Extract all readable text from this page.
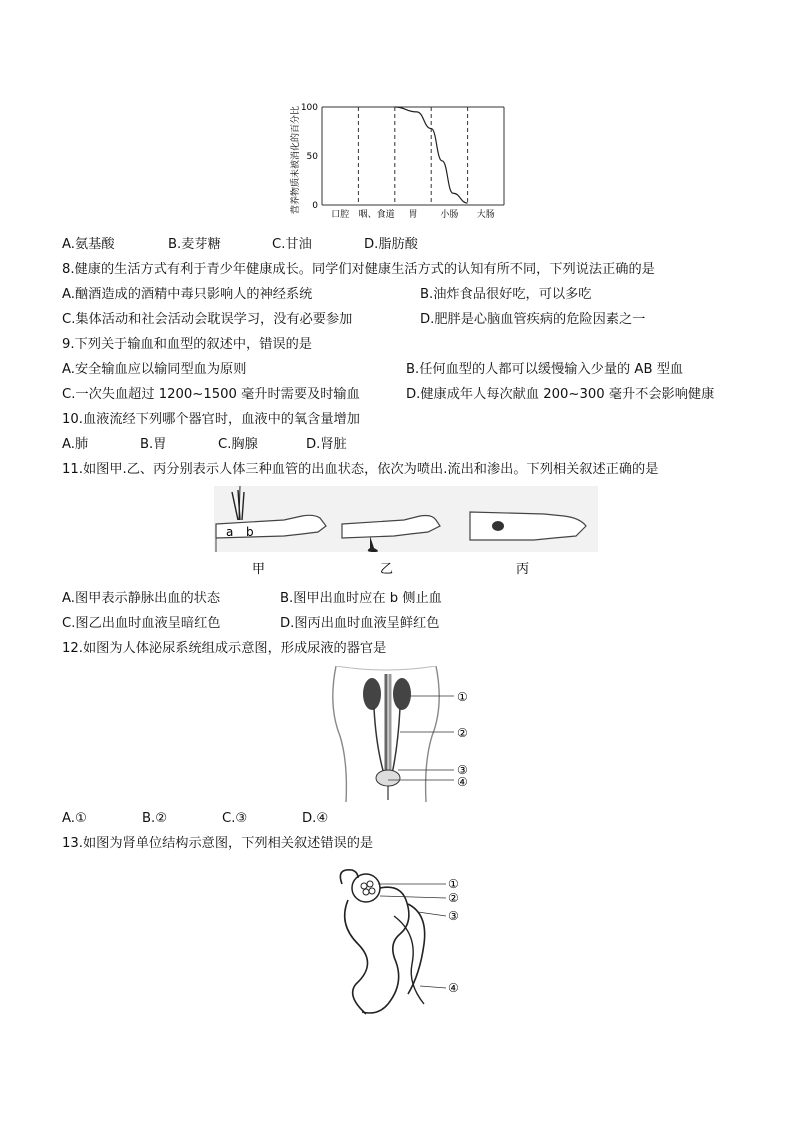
0
50
100
口腔 咽、食道 胃	小肠 大肠
营养物质未被消化的百分比
A.氨基酸	B.麦芽糖	C.甘油	D.脂肪酸
8.健康的生活方式有利于青少年健康成长。同学们对健康生活方式的认知有所不同，下列说法正确的是
A.酗酒造成的酒精中毒只影响人的神经系统	B.油炸食品很好吃，可以多吃
C.集体活动和社会活动会耽误学习，没有必要参加	D.肥胖是心脑血管疾病的危险因素之一
9.下列关于输血和血型的叙述中，错误的是
A.安全输血应以输同型血为原则	B.任何血型的人都可以缓慢输入少量的 AB 型血
C.一次失血超过 1200~1500 毫升时需要及时输血	D.健康成年人每次献血 200~300 毫升不会影响健康
10.血液流经下列哪个器官时，血液中的氧含量增加
A.肺	B.胃	C.胸腺	D.肾脏
11.如图甲.乙、丙分别表示人体三种血管的出血状态，依次为喷出.流出和渗出。下列相关叙述正确的是
a b
甲	乙	丙
A.图甲表示静脉出血的状态	B.图甲出血时应在 b 侧止血
C.图乙出血时血液呈暗红色	D.图丙出血时血液呈鲜红色
12.如图为人体泌尿系统组成示意图，形成尿液的器官是
①
②
③
④
A.①	B.②	C.③	D.④
13.如图为肾单位结构示意图，下列相关叙述错误的是
①
②
③
④
